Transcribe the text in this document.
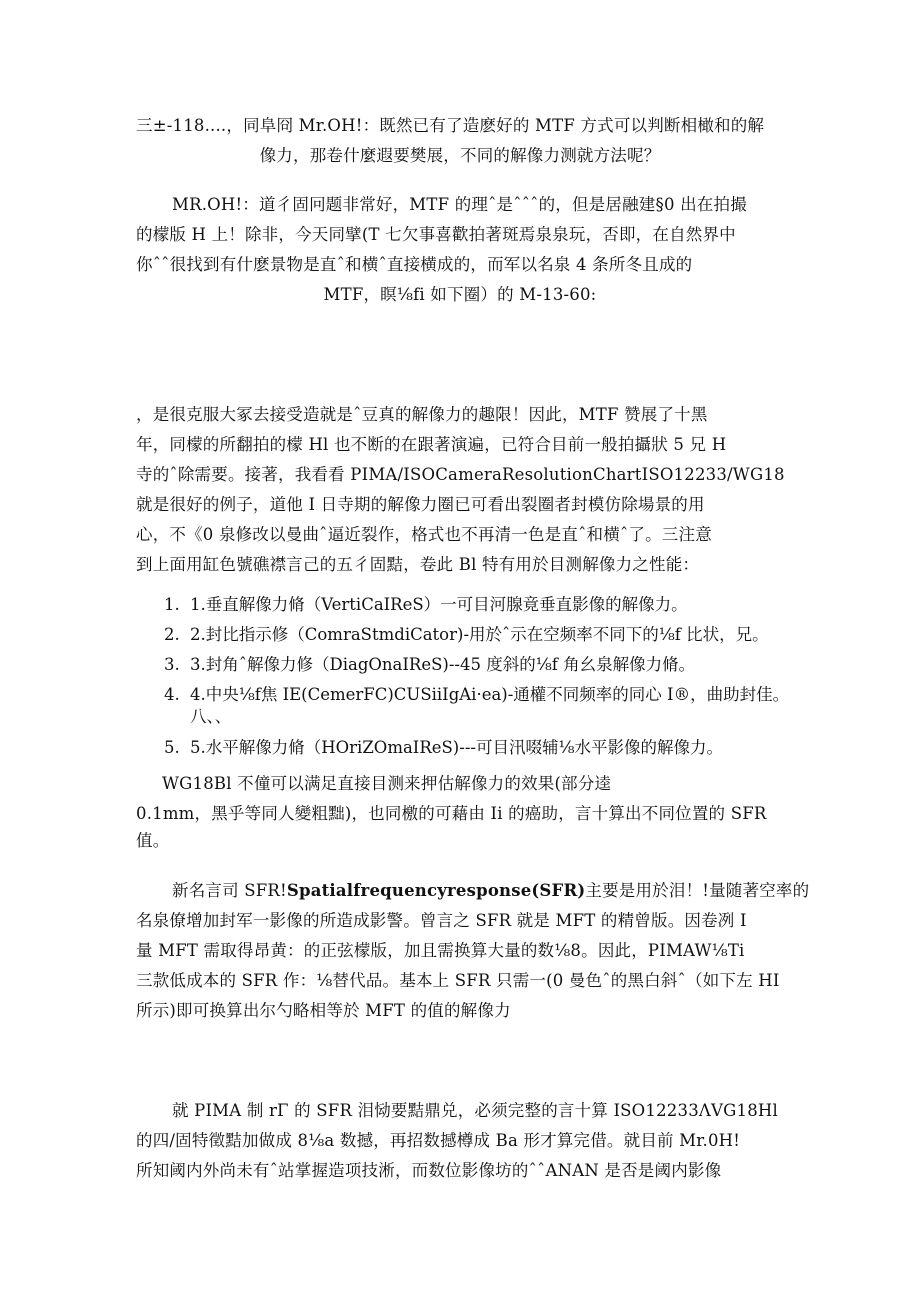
三±-118....，同阜冏 Mr.OH!：既然已有了造麽好的 MTF 方式可以判断相橄和的解
像力，那卷什麼遐要樊展，不同的解像力测就方法呢？
MR.OH!：道彳固冋题非常好，MTF 的理ˆ是ˆˆˆ的，但是居融建§0 出在拍撮
的檬版 H 上！除非，今天同擘(T 七欠事喜歡拍著斑焉泉泉玩，否即，在自然界中
你ˆˆ很找到有什麽景物是直ˆ和横ˆ直接横成的，而军以名泉 4 条所冬且成的
MTF，瞑⅛fi 如下圈）的 M-13-60:
，是很克服大冢去接受造就是ˆ豆真的解像力的趣限！因此，MTF 赞展了十黑
年，同檬的所翻拍的檬 Hl 也不断的在跟著演遍，已符合目前一般拍攝狀 5 兄 H
寺的ˆ除需要。接著，我看看 PIMA/ISOCameraResolutionChartISO12233/WG18
就是很好的例子，道他 I 日寺期的解像力圈已可看出裂圈者封模仿除場景的用
心，不《0 泉修改以曼曲ˆ逼近裂作，格式也不再清一色是直ˆ和横ˆ了。三注意
到上面用缸色號礁襟言己的五彳固黠，卷此 Bl 特有用於目测解像力之性能：
1. 1.垂直解像力脩（VertiCaIReS）一可目河腺竟垂直影像的解像力。
2. 2.封比指示修（ComraStmdiCator)-用於ˆ示在空频率不同下的⅛f 比状，兄。
3. 3.封角ˆ解像力修（DiagOnaIReS)--45 度斜的⅛f 角幺泉解像力脩。
4. 4.中央⅛f焦 IE(CemerFC)CUSiiIgAi·ea)-通權不同频率的同心 I®，曲助封佳。
八、、
5. 5.水平解像力脩（HOriZOmaIReS)---可目汛啜辅⅛水平影像的解像力。
WG18Bl 不僮可以满足直接目测来押估解像力的效果(部分逵
0.1mm，黑乎等同人變粗黜)，也同檄的可藉由 Ii 的癌助，言十算出不同位置的 SFR
值。
新名言司 SFR!Spatialfrequencyresponse(SFR)主要是用於泪！!量随著空率的
名泉僚增加封军一影像的所造成影警。曾言之 SFR 就是 MFT 的精曾版。因卷冽 I
量 MFT 需取得昂黄：的正弦檬版，加且需换算大量的数⅛8。因此，PIMAW⅛Ti
三款低成本的 SFR 作：⅛替代品。基本上 SFR 只需一(0 曼色ˆ的黑白斜ˆ（如下左 HI
所示)即可换算出尔勺略相等於 MFT 的值的解像力
就 PIMA 制 rΓ 的 SFR 泪恸要黠鼎兑，必须完整的言十算 ISO12233ΛVG18Hl
的四/固特徵黠加做成 8⅛a 数撼，再招数撼樽成 Ba 形才算完借。就目前 Mr.0H!
所知阈内外尚未有ˆ站掌握造项技淅，而数位影像坊的ˆˆANAN 是否是阈内影像
